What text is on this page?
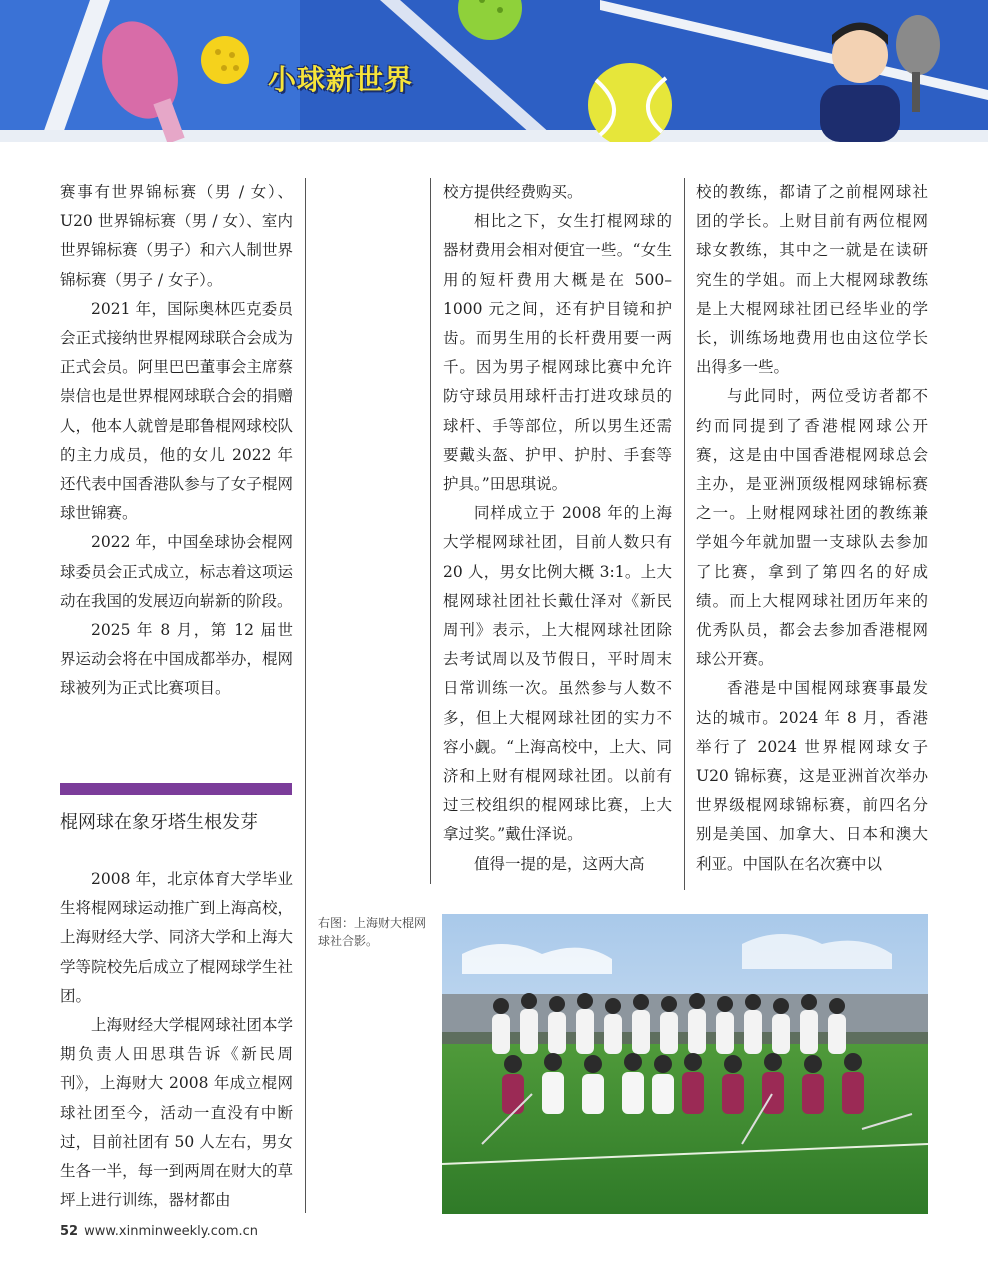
小球新世界

赛事有世界锦标赛（男 / 女）、U20 世界锦标赛（男 / 女）、室内世界锦标赛（男子）和六人制世界锦标赛（男子 / 女子）。

2021 年，国际奥林匹克委员会正式接纳世界棍网球联合会成为正式会员。阿里巴巴董事会主席蔡崇信也是世界棍网球联合会的捐赠人，他本人就曾是耶鲁棍网球校队的主力成员，他的女儿 2022 年还代表中国香港队参与了女子棍网球世锦赛。

2022 年，中国垒球协会棍网球委员会正式成立，标志着这项运动在我国的发展迈向崭新的阶段。

2025 年 8 月，第 12 届世界运动会将在中国成都举办，棍网球被列为正式比赛项目。

棍网球在象牙塔生根发芽

2008 年，北京体育大学毕业生将棍网球运动推广到上海高校，上海财经大学、同济大学和上海大学等院校先后成立了棍网球学生社团。

上海财经大学棍网球社团本学期负责人田思琪告诉《新民周刊》，上海财大 2008 年成立棍网球社团至今，活动一直没有中断过，目前社团有 50 人左右，男女生各一半，每一到两周在财大的草坪上进行训练，器材都由

校方提供经费购买。

相比之下，女生打棍网球的器材费用会相对便宜一些。“女生用的短杆费用大概是在 500–1000 元之间，还有护目镜和护齿。而男生用的长杆费用要一两千。因为男子棍网球比赛中允许防守球员用球杆击打进攻球员的球杆、手等部位，所以男生还需要戴头盔、护甲、护肘、手套等护具。”田思琪说。

同样成立于 2008 年的上海大学棍网球社团，目前人数只有 20 人，男女比例大概 3:1。上大棍网球社团社长戴仕泽对《新民周刊》表示，上大棍网球社团除去考试周以及节假日，平时周末日常训练一次。虽然参与人数不多，但上大棍网球社团的实力不容小觑。“上海高校中，上大、同济和上财有棍网球社团。以前有过三校组织的棍网球比赛，上大拿过奖。”戴仕泽说。

值得一提的是，这两大高

校的教练，都请了之前棍网球社团的学长。上财目前有两位棍网球女教练，其中之一就是在读研究生的学姐。而上大棍网球教练是上大棍网球社团已经毕业的学长，训练场地费用也由这位学长出得多一些。

与此同时，两位受访者都不约而同提到了香港棍网球公开赛，这是由中国香港棍网球总会主办，是亚洲顶级棍网球锦标赛之一。上财棍网球社团的教练兼学姐今年就加盟一支球队去参加了比赛，拿到了第四名的好成绩。而上大棍网球社团历年来的优秀队员，都会去参加香港棍网球公开赛。

香港是中国棍网球赛事最发达的城市。2024 年 8 月，香港举行了 2024 世界棍网球女子 U20 锦标赛，这是亚洲首次举办世界级棍网球锦标赛，前四名分别是美国、加拿大、日本和澳大利亚。中国队在名次赛中以

右图：上海财大棍网球社合影。
52 www.xinminweekly.com.cn
